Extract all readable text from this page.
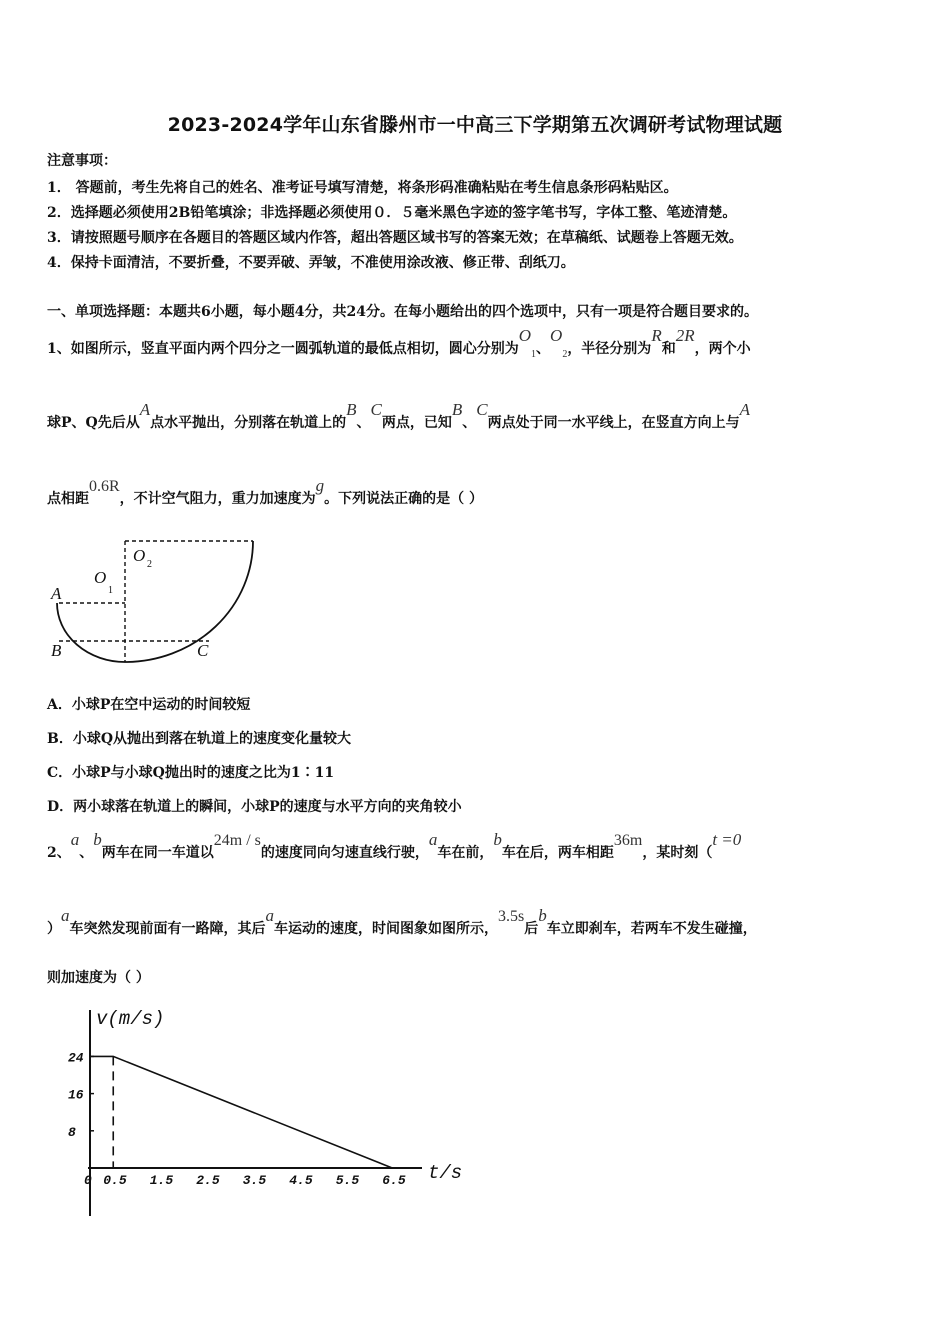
2023-2024学年山东省滕州市一中高三下学期第五次调研考试物理试题
注意事项：
1． 答题前，考生先将自己的姓名、准考证号填写清楚，将条形码准确粘贴在考生信息条形码粘贴区。
2．选择题必须使用2B铅笔填涂；非选择题必须使用０．５毫米黑色字迹的签字笔书写，字体工整、笔迹清楚。
3．请按照题号顺序在各题目的答题区域内作答，超出答题区域书写的答案无效；在草稿纸、试题卷上答题无效。
4．保持卡面清洁，不要折叠，不要弄破、弄皱，不准使用涂改液、修正带、刮纸刀。
一、单项选择题：本题共6小题，每小题4分，共24分。在每小题给出的四个选项中，只有一项是符合题目要求的。
1、如图所示，竖直平面内两个四分之一圆弧轨道的最低点相切，圆心分别为$O_1$、$O_2$，半径分别为R和2R，两个小
球P、Q先后从A点水平抛出，分别落在轨道上的B、C两点，已知B、C两点处于同一水平线上，在竖直方向上与A
点相距0.6R，不计空气阻力，重力加速度为g。下列说法正确的是（ ）
A
B	C
O
1
O 2
A．小球P在空中运动的时间较短
B．小球Q从抛出到落在轨道上的速度变化量较大
C．小球P与小球Q抛出时的速度之比为1∶11
D．两小球落在轨道上的瞬间，小球P的速度与水平方向的夹角较小
2、a、b两车在同一车道以24m / s的速度同向匀速直线行驶，a车在前，b车在后，两车相距36m，某时刻（t =0
）a车突然发现前面有一路障，其后a车运动的速度，时间图象如图所示，3.5s后b车立即刹车，若两车不发生碰撞，
则加速度为（ ）
v(m/s)
t/s
24
16
8
0 0.5 1.5 2.5 3.5 4.5 5.5 6.5
